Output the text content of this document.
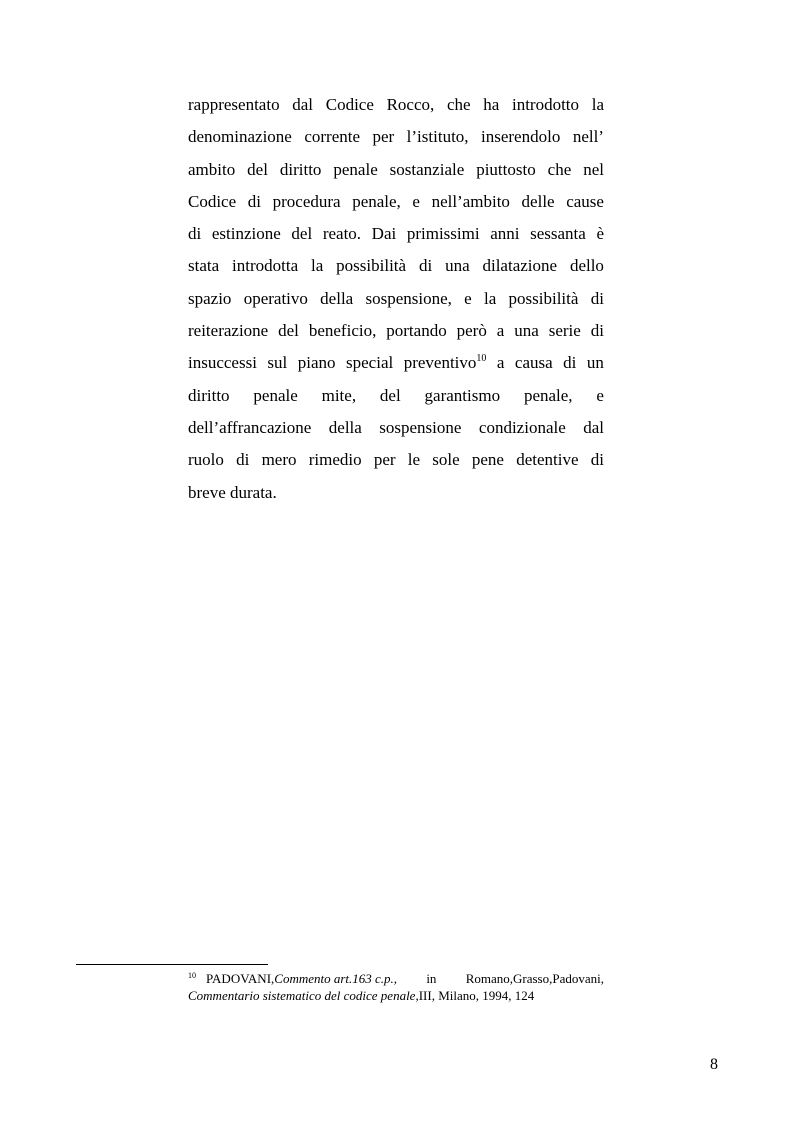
rappresentato dal Codice Rocco, che ha introdotto la
denominazione corrente per l’istituto, inserendolo nell’
ambito del diritto penale sostanziale piuttosto che nel
Codice di procedura penale, e nell’ambito delle cause
di estinzione del reato. Dai primissimi anni sessanta è
stata introdotta la possibilità di una dilatazione dello
spazio operativo della sospensione, e la possibilità di
reiterazione del beneficio, portando però a una serie di
insuccessi sul piano special preventivo$^{10}$ a causa di un
diritto penale mite, del garantismo penale, e
dell’affrancazione della sospensione condizionale dal
ruolo di mero rimedio per le sole pene detentive di
breve durata.
$^{10}$ PADOVANI,Commento art.163 c.p., in Romano,Grasso,Padovani,
Commentario sistematico del codice penale, III, Milano, 1994, 124
8
